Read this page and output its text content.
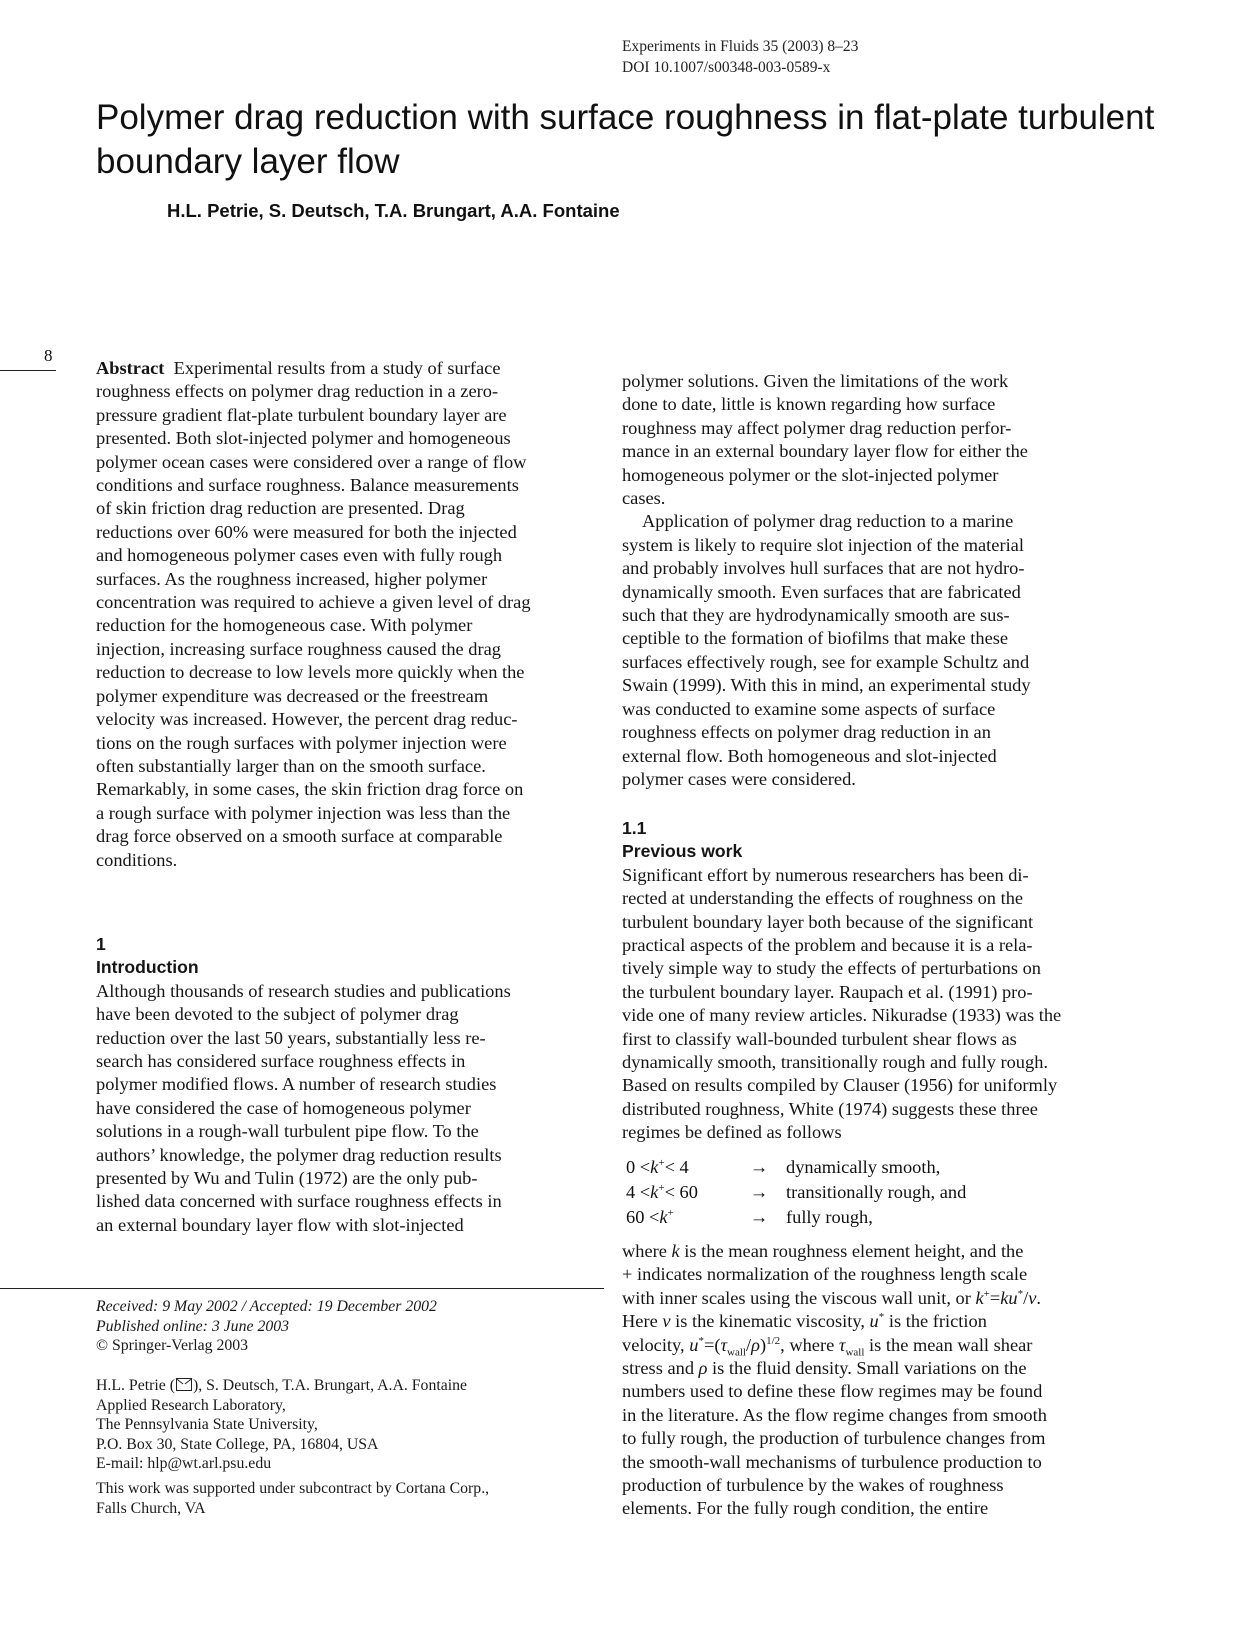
Experiments in Fluids 35 (2003) 8–23
DOI 10.1007/s00348-003-0589-x
Polymer drag reduction with surface roughness in flat-plate turbulent
boundary layer flow
H.L. Petrie, S. Deutsch, T.A. Brungart, A.A. Fontaine
8
Abstract Experimental results from a study of surface
roughness effects on polymer drag reduction in a zero-
pressure gradient flat-plate turbulent boundary layer are
presented. Both slot-injected polymer and homogeneous
polymer ocean cases were considered over a range of flow
conditions and surface roughness. Balance measurements
of skin friction drag reduction are presented. Drag
reductions over 60% were measured for both the injected
and homogeneous polymer cases even with fully rough
surfaces. As the roughness increased, higher polymer
concentration was required to achieve a given level of drag
reduction for the homogeneous case. With polymer
injection, increasing surface roughness caused the drag
reduction to decrease to low levels more quickly when the
polymer expenditure was decreased or the freestream
velocity was increased. However, the percent drag reduc-
tions on the rough surfaces with polymer injection were
often substantially larger than on the smooth surface.
Remarkably, in some cases, the skin friction drag force on
a rough surface with polymer injection was less than the
drag force observed on a smooth surface at comparable
conditions.
1
Introduction
Although thousands of research studies and publications
have been devoted to the subject of polymer drag
reduction over the last 50 years, substantially less re-
search has considered surface roughness effects in
polymer modified flows. A number of research studies
have considered the case of homogeneous polymer
solutions in a rough-wall turbulent pipe flow. To the
authors’ knowledge, the polymer drag reduction results
presented by Wu and Tulin (1972) are the only pub-
lished data concerned with surface roughness effects in
an external boundary layer flow with slot-injected
Received: 9 May 2002 / Accepted: 19 December 2002
Published online: 3 June 2003
© Springer-Verlag 2003
H.L. Petrie ( ), S. Deutsch, T.A. Brungart, A.A. Fontaine
Applied Research Laboratory,
The Pennsylvania State University,
P.O. Box 30, State College, PA, 16804, USA
E-mail: hlp@wt.arl.psu.edu
This work was supported under subcontract by Cortana Corp.,
Falls Church, VA
polymer solutions. Given the limitations of the work
done to date, little is known regarding how surface
roughness may affect polymer drag reduction perfor-
mance in an external boundary layer flow for either the
homogeneous polymer or the slot-injected polymer
cases.
Application of polymer drag reduction to a marine
system is likely to require slot injection of the material
and probably involves hull surfaces that are not hydro-
dynamically smooth. Even surfaces that are fabricated
such that they are hydrodynamically smooth are sus-
ceptible to the formation of biofilms that make these
surfaces effectively rough, see for example Schultz and
Swain (1999). With this in mind, an experimental study
was conducted to examine some aspects of surface
roughness effects on polymer drag reduction in an
external flow. Both homogeneous and slot-injected
polymer cases were considered.
1.1
Previous work
Significant effort by numerous researchers has been di-
rected at understanding the effects of roughness on the
turbulent boundary layer both because of the significant
practical aspects of the problem and because it is a rela-
tively simple way to study the effects of perturbations on
the turbulent boundary layer. Raupach et al. (1991) pro-
vide one of many review articles. Nikuradse (1933) was the
first to classify wall-bounded turbulent shear flows as
dynamically smooth, transitionally rough and fully rough.
Based on results compiled by Clauser (1956) for uniformly
distributed roughness, White (1974) suggests these three
regimes be defined as follows
0 <k+< 4	→ dynamically smooth,
4 <k+< 60	→ transitionally rough, and
60 <k+	→ fully rough,
where k is the mean roughness element height, and the
+ indicates normalization of the roughness length scale
with inner scales using the viscous wall unit, or k+=ku*/ν.
Here ν is the kinematic viscosity, u* is the friction
velocity, $u^*=(\tau_{wall}/\rho)^{1/2}$, where $\tau_{wall}$ is the mean wall shear
stress and ρ is the fluid density. Small variations on the
numbers used to define these flow regimes may be found
in the literature. As the flow regime changes from smooth
to fully rough, the production of turbulence changes from
the smooth-wall mechanisms of turbulence production to
production of turbulence by the wakes of roughness
elements. For the fully rough condition, the entire
